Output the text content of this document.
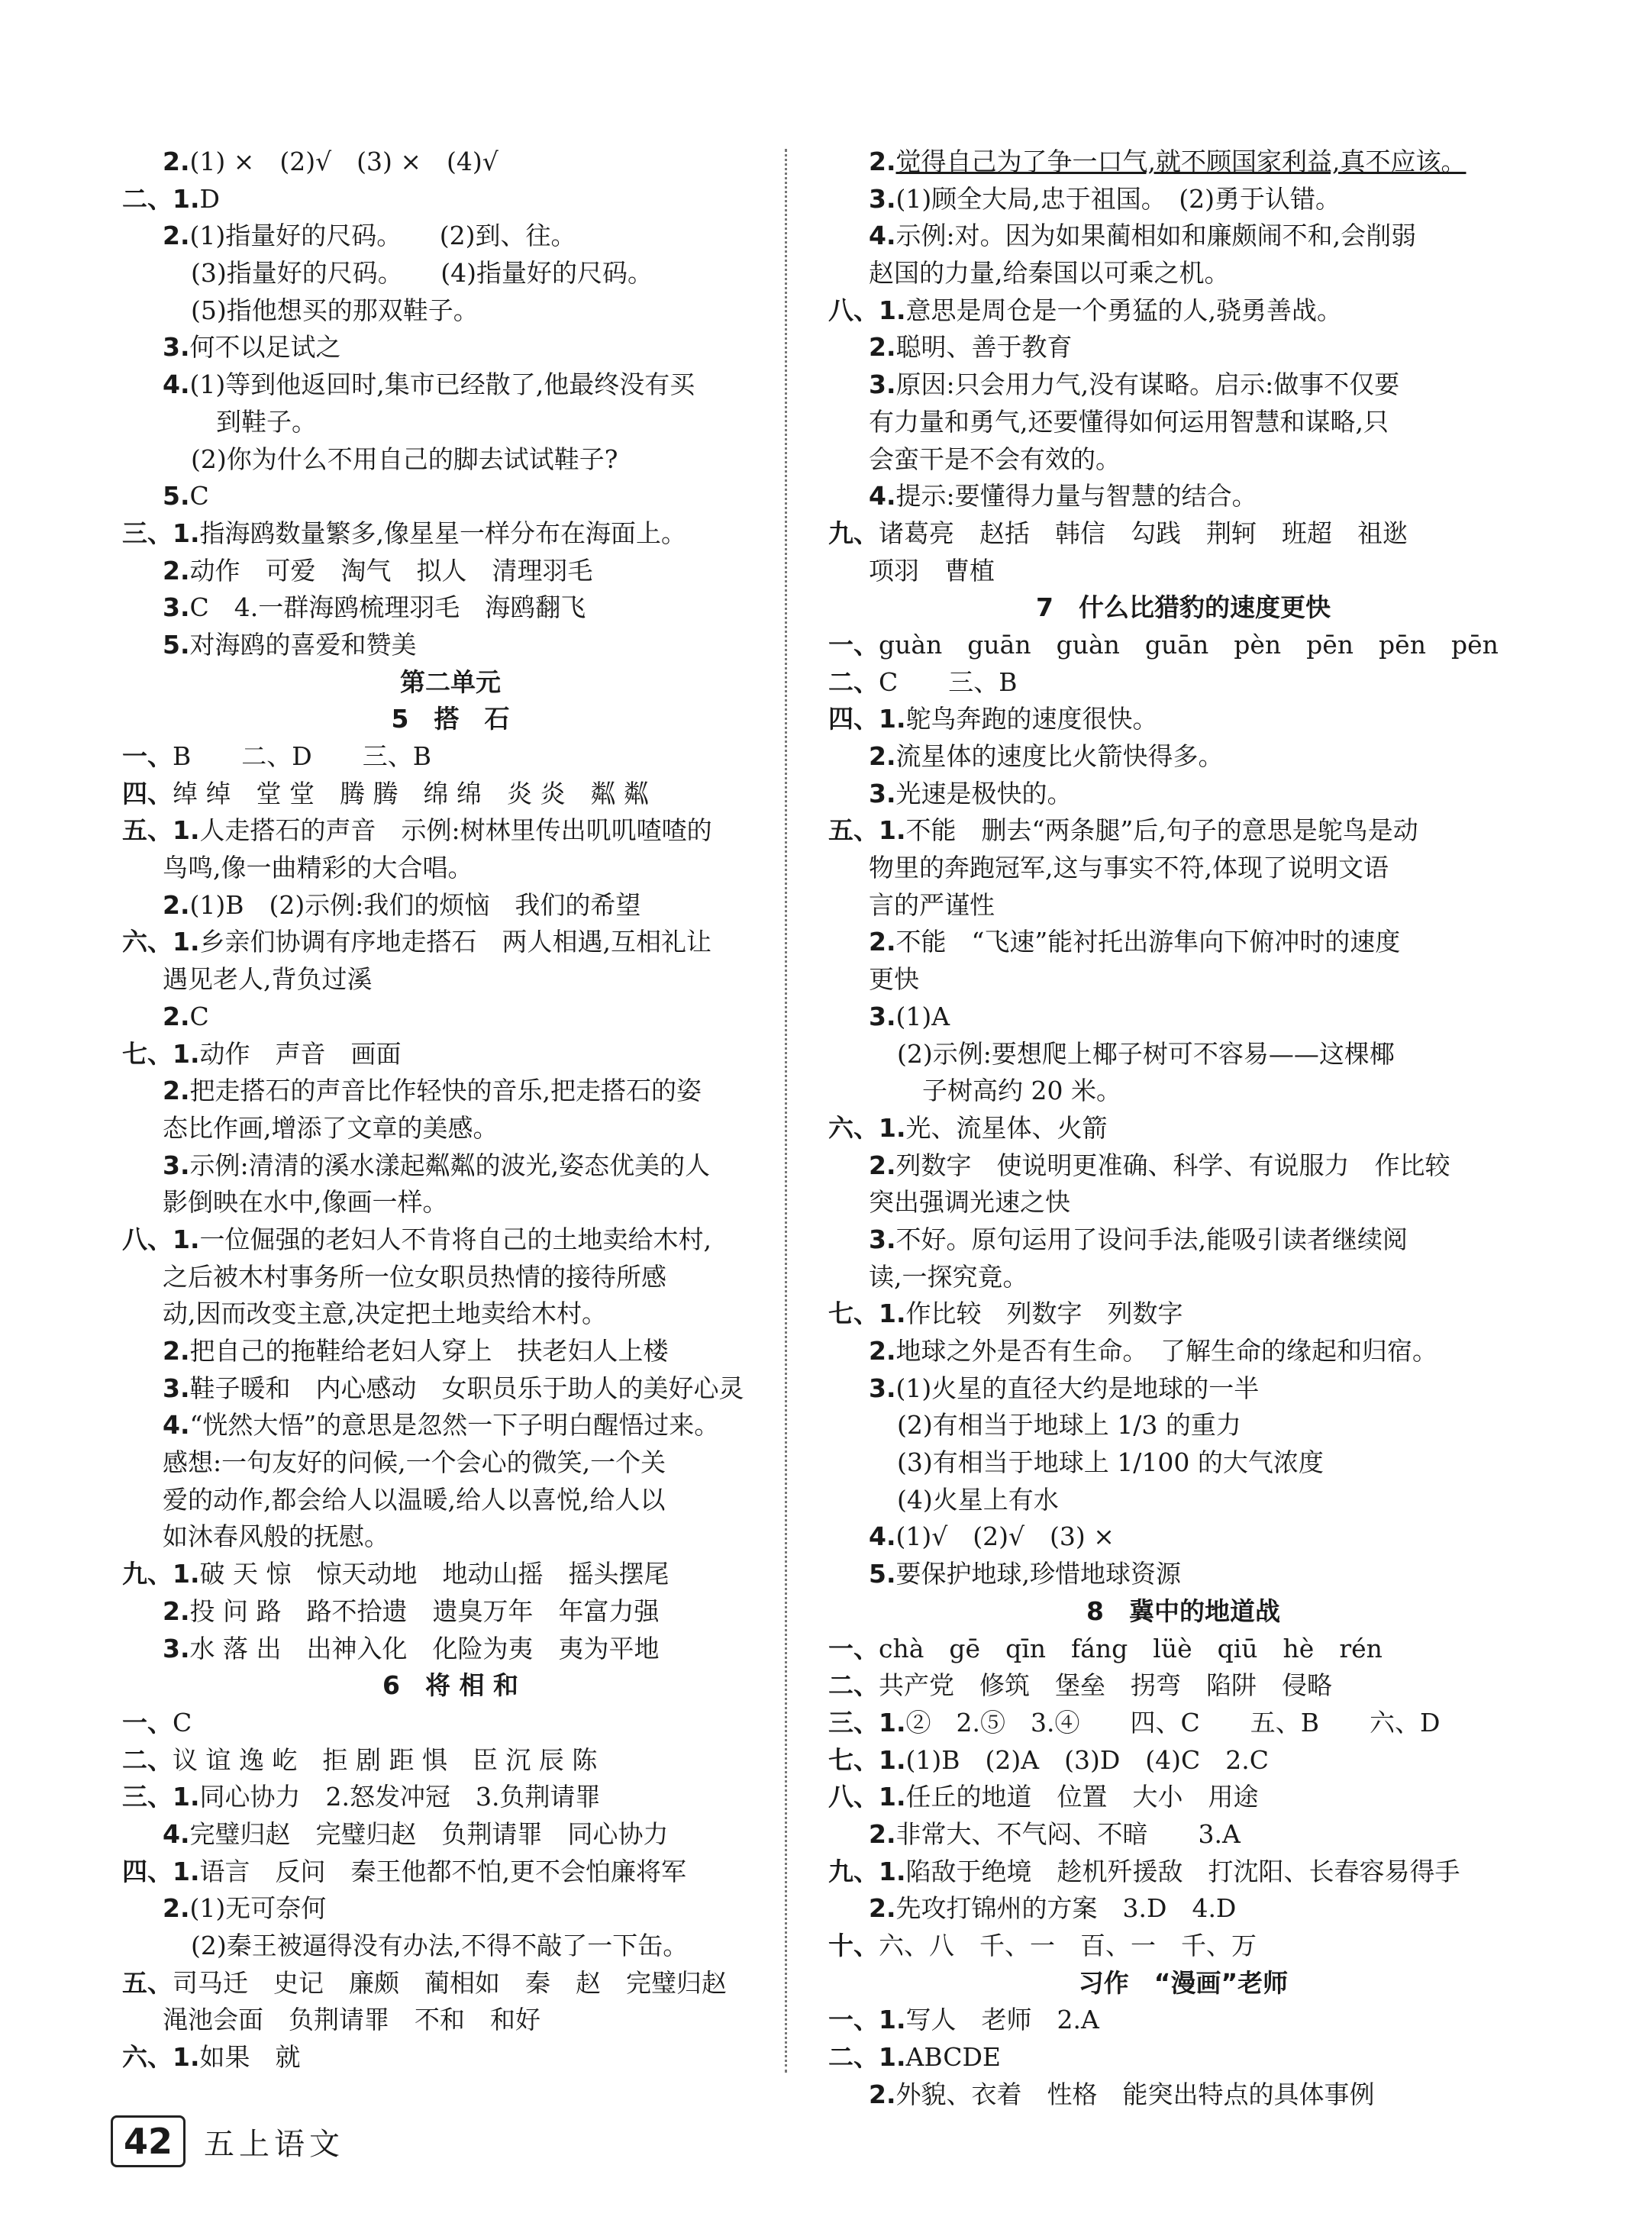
2.(1) ×　(2)√　(3) ×　(4)√
二、1.D
2.(1)指量好的尺码。　　(2)到、往。
(3)指量好的尺码。　　(4)指量好的尺码。
(5)指他想买的那双鞋子。
3.何不以足试之
4.(1)等到他返回时,集市已经散了,他最终没有买
　到鞋子。
(2)你为什么不用自己的脚去试试鞋子?
5.C
三、1.指海鸥数量繁多,像星星一样分布在海面上。
2.动作　可爱　淘气　拟人　清理羽毛
3.C　4.一群海鸥梳理羽毛　海鸥翻飞
5.对海鸥的喜爱和赞美
第二单元
5　搭　石
一、B　　二、D　　三、B
四、绰 绰　堂 堂　腾 腾　绵 绵　炎 炎　粼 粼
五、1.人走搭石的声音　示例:树林里传出叽叽喳喳的
鸟鸣,像一曲精彩的大合唱。
2.(1)B　(2)示例:我们的烦恼　我们的希望
六、1.乡亲们协调有序地走搭石　两人相遇,互相礼让
遇见老人,背负过溪
2.C
七、1.动作　声音　画面
2.把走搭石的声音比作轻快的音乐,把走搭石的姿
态比作画,增添了文章的美感。
3.示例:清清的溪水漾起粼粼的波光,姿态优美的人
影倒映在水中,像画一样。
八、1.一位倔强的老妇人不肯将自己的土地卖给木村,
之后被木村事务所一位女职员热情的接待所感
动,因而改变主意,决定把土地卖给木村。
2.把自己的拖鞋给老妇人穿上　扶老妇人上楼
3.鞋子暖和　内心感动　女职员乐于助人的美好心灵
4.“恍然大悟”的意思是忽然一下子明白醒悟过来。
感想:一句友好的问候,一个会心的微笑,一个关
爱的动作,都会给人以温暖,给人以喜悦,给人以
如沐春风般的抚慰。
九、1.破 天 惊　惊天动地　地动山摇　摇头摆尾
2.投 问 路　路不拾遗　遗臭万年　年富力强
3.水 落 出　出神入化　化险为夷　夷为平地
6　将 相 和
一、C
二、议 谊 逸 屹　拒 剧 距 惧　臣 沉 辰 陈
三、1.同心协力　2.怒发冲冠　3.负荆请罪
4.完璧归赵　完璧归赵　负荆请罪　同心协力
四、1.语言　反问　秦王他都不怕,更不会怕廉将军
2.(1)无可奈何
(2)秦王被逼得没有办法,不得不敲了一下缶。
五、司马迁　史记　廉颇　蔺相如　秦　赵　完璧归赵
渑池会面　负荆请罪　不和　和好
六、1.如果　就
2.觉得自己为了争一口气,就不顾国家利益,真不应该。
3.(1)顾全大局,忠于祖国。　(2)勇于认错。
4.示例:对。因为如果蔺相如和廉颇闹不和,会削弱
赵国的力量,给秦国以可乘之机。
八、1.意思是周仓是一个勇猛的人,骁勇善战。
2.聪明、善于教育
3.原因:只会用力气,没有谋略。启示:做事不仅要
有力量和勇气,还要懂得如何运用智慧和谋略,只
会蛮干是不会有效的。
4.提示:要懂得力量与智慧的结合。
九、诸葛亮　赵括　韩信　勾践　荆轲　班超　祖逖
项羽　曹植
7　什么比猎豹的速度更快
一、guàn　guān　guàn　guān　pèn　pēn　pēn　pēn
二、C　　三、B
四、1.鸵鸟奔跑的速度很快。
2.流星体的速度比火箭快得多。
3.光速是极快的。
五、1.不能　删去“两条腿”后,句子的意思是鸵鸟是动
物里的奔跑冠军,这与事实不符,体现了说明文语
言的严谨性
2.不能　“飞速”能衬托出游隼向下俯冲时的速度
更快
3.(1)A
(2)示例:要想爬上椰子树可不容易——这棵椰
　子树高约 20 米。
六、1.光、流星体、火箭
2.列数字　使说明更准确、科学、有说服力　作比较
突出强调光速之快
3.不好。原句运用了设问手法,能吸引读者继续阅
读,一探究竟。
七、1.作比较　列数字　列数字
2.地球之外是否有生命。　了解生命的缘起和归宿。
3.(1)火星的直径大约是地球的一半
(2)有相当于地球上 1/3 的重力
(3)有相当于地球上 1/100 的大气浓度
(4)火星上有水
4.(1)√　(2)√　(3) ×
5.要保护地球,珍惜地球资源
8　冀中的地道战
一、chà　gē　qīn　fáng　lüè　qiū　hè　rén
二、共产党　修筑　堡垒　拐弯　陷阱　侵略
三、1.②　2.⑤　3.④　　四、C　　五、B　　六、D
七、1.(1)B　(2)A　(3)D　(4)C　2.C
八、1.任丘的地道　位置　大小　用途
2.非常大、不气闷、不暗　　3.A
九、1.陷敌于绝境　趁机歼援敌　打沈阳、长春容易得手
2.先攻打锦州的方案　3.D　4.D
十、六、八　千、一　百、一　千、万
习作　“漫画”老师
一、1.写人　老师　2.A
二、1.ABCDE
2.外貌、衣着　性格　能突出特点的具体事例
42	五上语文
